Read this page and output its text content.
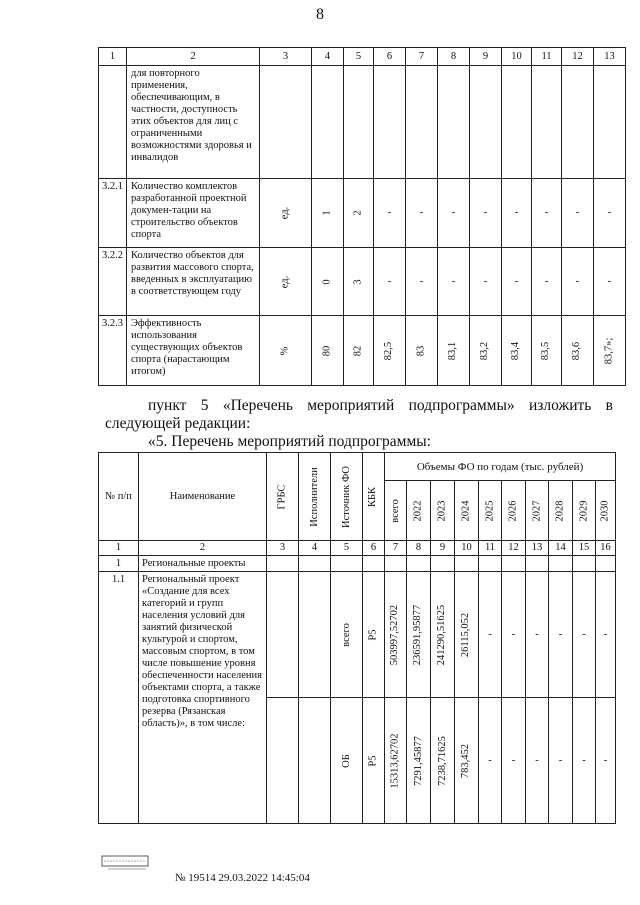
8
1	2	3	4	5	6	7	8	9	10	11	12	13
	для повторного применения, обеспечивающим, в частности, доступность этих объектов для лиц с ограниченными возможностями здоровья и инвалидов											
3.2.1	Количество комплектов разработанной проектной докумен-тации на строительство объектов спорта	ед.	1	2	-	-	-	-	-	-	-	-
3.2.2	Количество объектов для развития массового спорта, введенных в эксплуатацию в соответствующем году	ед.	0	3	-	-	-	-	-	-	-	-
3.2.3	Эффективность использования существующих объектов спорта (нарастающим итогом)	%	80	82	82,5	83	83,1	83,2	83,4	83,5	83,6	83,7»;
пункт 5 «Перечень мероприятий подпрограммы» изложить в
следующей редакции:
«5. Перечень мероприятий подпрограммы:
№ п/п	Наименование	ГРБС	Исполнители	Источник ФО	КБК	Объемы ФО по годам (тыс. рублей)									

						всего	2022	2023	2024	2025	2026	2027	2028	2029	2030

1	2	3	4	5	6	7	8	9	10	11	12	13	14	15	16
1	Региональные проекты														
1.1	Региональный проект «Создание для всех категорий и групп населения условий для занятий физической культурой и спортом, массовым спортом, в том числе повышение уровня обеспеченности населения объектами спорта, а также подготовка спортивного резерва (Рязанская область)», в том числе:			всего	Р5	503997,52702	236591,95877	241290,51625	26115,052	-	-	-	-	-	-

				ОБ	Р5	15313,62702	7291,45877	7238,71625	783,452	-	-	-	-	-	-
№ 19514 29.03.2022 14:45:04
